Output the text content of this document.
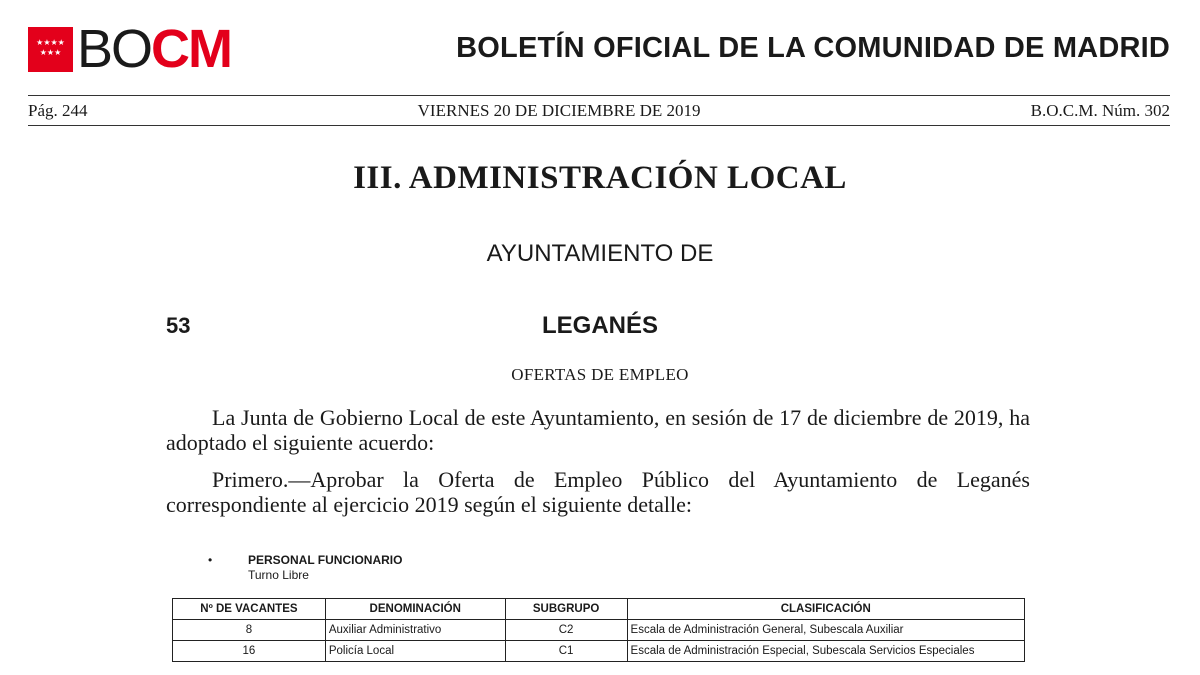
★★★★
★★★ BOCM	BOLETÍN OFICIAL DE LA COMUNIDAD DE MADRID
Pág. 244	VIERNES 20 DE DICIEMBRE DE 2019	B.O.C.M. Núm. 302
III. ADMINISTRACIÓN LOCAL
AYUNTAMIENTO DE
53	LEGANÉS
OFERTAS DE EMPLEO
La Junta de Gobierno Local de este Ayuntamiento, en sesión de 17 de diciembre de 2019, ha adoptado el siguiente acuerdo:
Primero.—Aprobar la Oferta de Empleo Público del Ayuntamiento de Leganés correspondiente al ejercicio 2019 según el siguiente detalle:
•	PERSONAL FUNCIONARIO
Turno Libre
Nº DE VACANTES	DENOMINACIÓN	SUBGRUPO	CLASIFICACIÓN
8	Auxiliar Administrativo	C2	Escala de Administración General, Subescala Auxiliar
16	Policía Local	C1	Escala de Administración Especial, Subescala Servicios Especiales
